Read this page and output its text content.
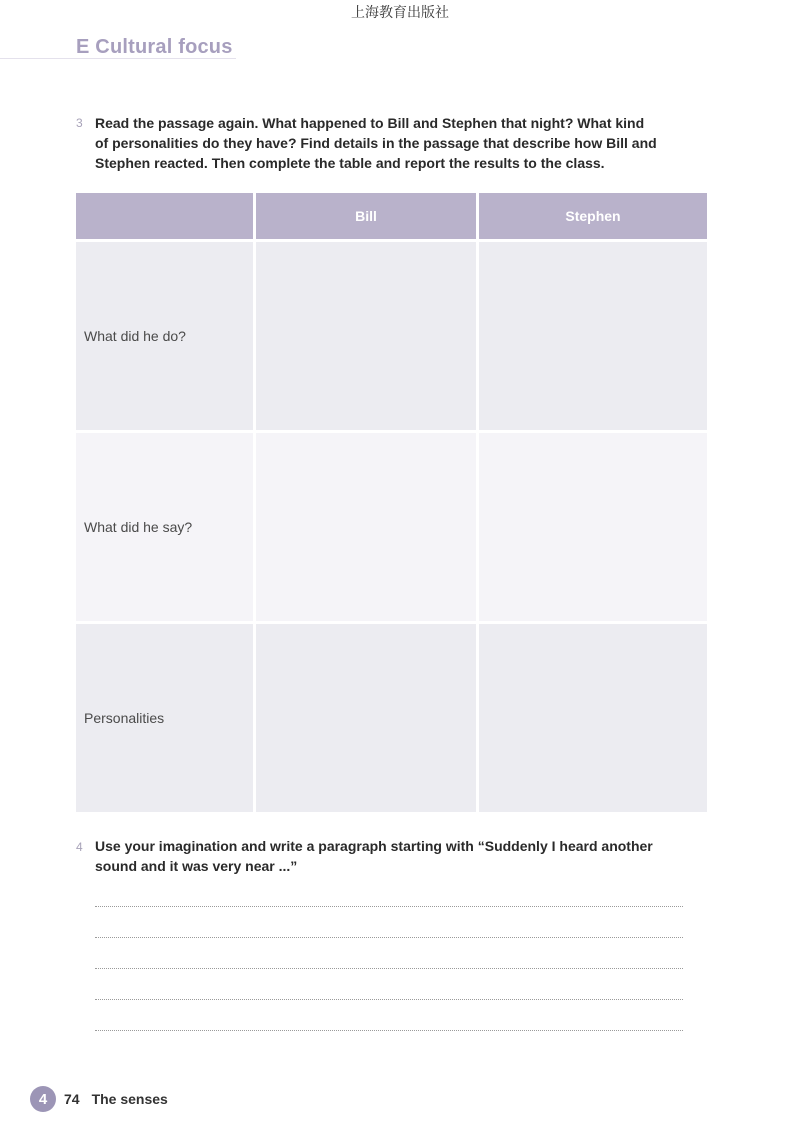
上海教育出版社
E Cultural focus
3 Read the passage again. What happened to Bill and Stephen that night? What kind
of personalities do they have? Find details in the passage that describe how Bill and
Stephen reacted. Then complete the table and report the results to the class.
Bill	Stephen
What did he do?
What did he say?
Personalities
4 Use your imagination and write a paragraph starting with “Suddenly I heard another
sound and it was very near ...”
4	74 The senses
